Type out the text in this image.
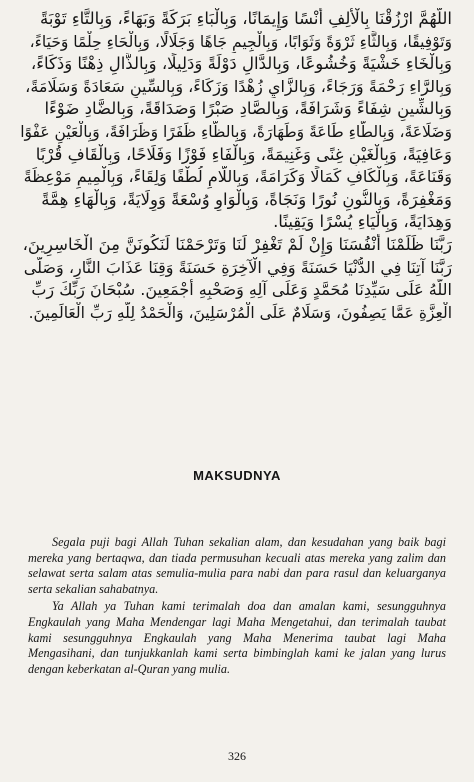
اللَّهُمَّ ارْزُقْنَا بِالْأَلِفِ أُنْسًا وَإِيمَانًا، وَبِالْبَاءِ بَرَكَةً وَبَهَاءً، وَبِالتَّاءِ تَوْبَةً
وَتَوْفِيقًا، وَبِالثَّاءِ ثَرْوَةً وَثَوَابًا، وَبِالْجِيمِ جَاهًا وَجَلَالًا، وَبِالْحَاءِ حِلْمًا وَحَيَاءً،
وَبِالْخَاءِ خَشْيَةً وَخُشُوعًا، وَبِالدَّالِ دَوْلَةً وَدَلِيلًا، وَبِالذَّالِ ذِهْنًا وَذَكَاءً،
وَبِالرَّاءِ رَحْمَةً وَرَجَاءً، وَبِالزَّايِ زُهْدًا وَزَكَاءً، وَبِالسِّينِ سَعَادَةً وَسَلَامَةً،
وَبِالشِّينِ شِفَاءً وَشَرَافَةً، وَبِالصَّادِ صَبْرًا وَصَدَاقَةً، وَبِالضَّادِ ضَوْءًا
وَضَلَاعَةً، وَبِالطَّاءِ طَاعَةً وَطَهَارَةً، وَبِالظَّاءِ ظَفَرًا وَظَرَافَةً، وَبِالْعَيْنِ عَفْوًا
وَعَافِيَةً، وَبِالْغَيْنِ غِنًى وَغَنِيمَةً، وَبِالْفَاءِ فَوْزًا وَفَلَاحًا، وَبِالْقَافِ قُرْبًا
وَقَنَاعَةً، وَبِالْكَافِ كَمَالًا وَكَرَامَةً، وَبِاللَّامِ لُطْفًا وَلِقَاءً، وَبِالْمِيمِ مَوْعِظَةً
وَمَغْفِرَةً، وَبِالنُّونِ نُورًا وَنَجَاةً، وَبِالْوَاوِ وُسْعَةً وَوِلَايَةً، وَبِالْهَاءِ هِمَّةً
وَهِدَايَةً، وَبِالْيَاءِ يُسْرًا وَيَقِينًا.
رَبَّنَا ظَلَمْنَا أَنْفُسَنَا وَإِنْ لَمْ تَغْفِرْ لَنَا وَتَرْحَمْنَا لَنَكُونَنَّ مِنَ الْخَاسِرِينَ،
رَبَّنَا آتِنَا فِي الدُّنْيَا حَسَنَةً وَفِي الْآخِرَةِ حَسَنَةً وَقِنَا عَذَابَ النَّارِ، وَصَلَّى
اللَّهُ عَلَى سَيِّدِنَا مُحَمَّدٍ وَعَلَى آلِهِ وَصَحْبِهِ أَجْمَعِينَ. سُبْحَانَ رَبِّكَ رَبِّ
الْعِزَّةِ عَمَّا يَصِفُونَ، وَسَلَامٌ عَلَى الْمُرْسَلِينَ، وَالْحَمْدُ لِلَّهِ رَبِّ الْعَالَمِينَ.
MAKSUDNYA

Segala puji bagi Allah Tuhan sekalian alam, dan kesudahan yang baik bagi mereka yang bertaqwa, dan tiada permusuhan kecuali atas mereka yang zalim dan selawat serta salam atas semulia-mulia para nabi dan para rasul dan keluarganya serta sekalian sahabatnya.

Ya Allah ya Tuhan kami terimalah doa dan amalan kami, sesungguhnya Engkaulah yang Maha Mendengar lagi Maha Mengetahui, dan terimalah taubat kami sesungguhnya Engkaulah yang Maha Menerima taubat lagi Maha Mengasihani, dan tunjukkanlah kami serta bimbinglah kami ke jalan yang lurus dengan keberkatan al-Quran yang mulia.

326
